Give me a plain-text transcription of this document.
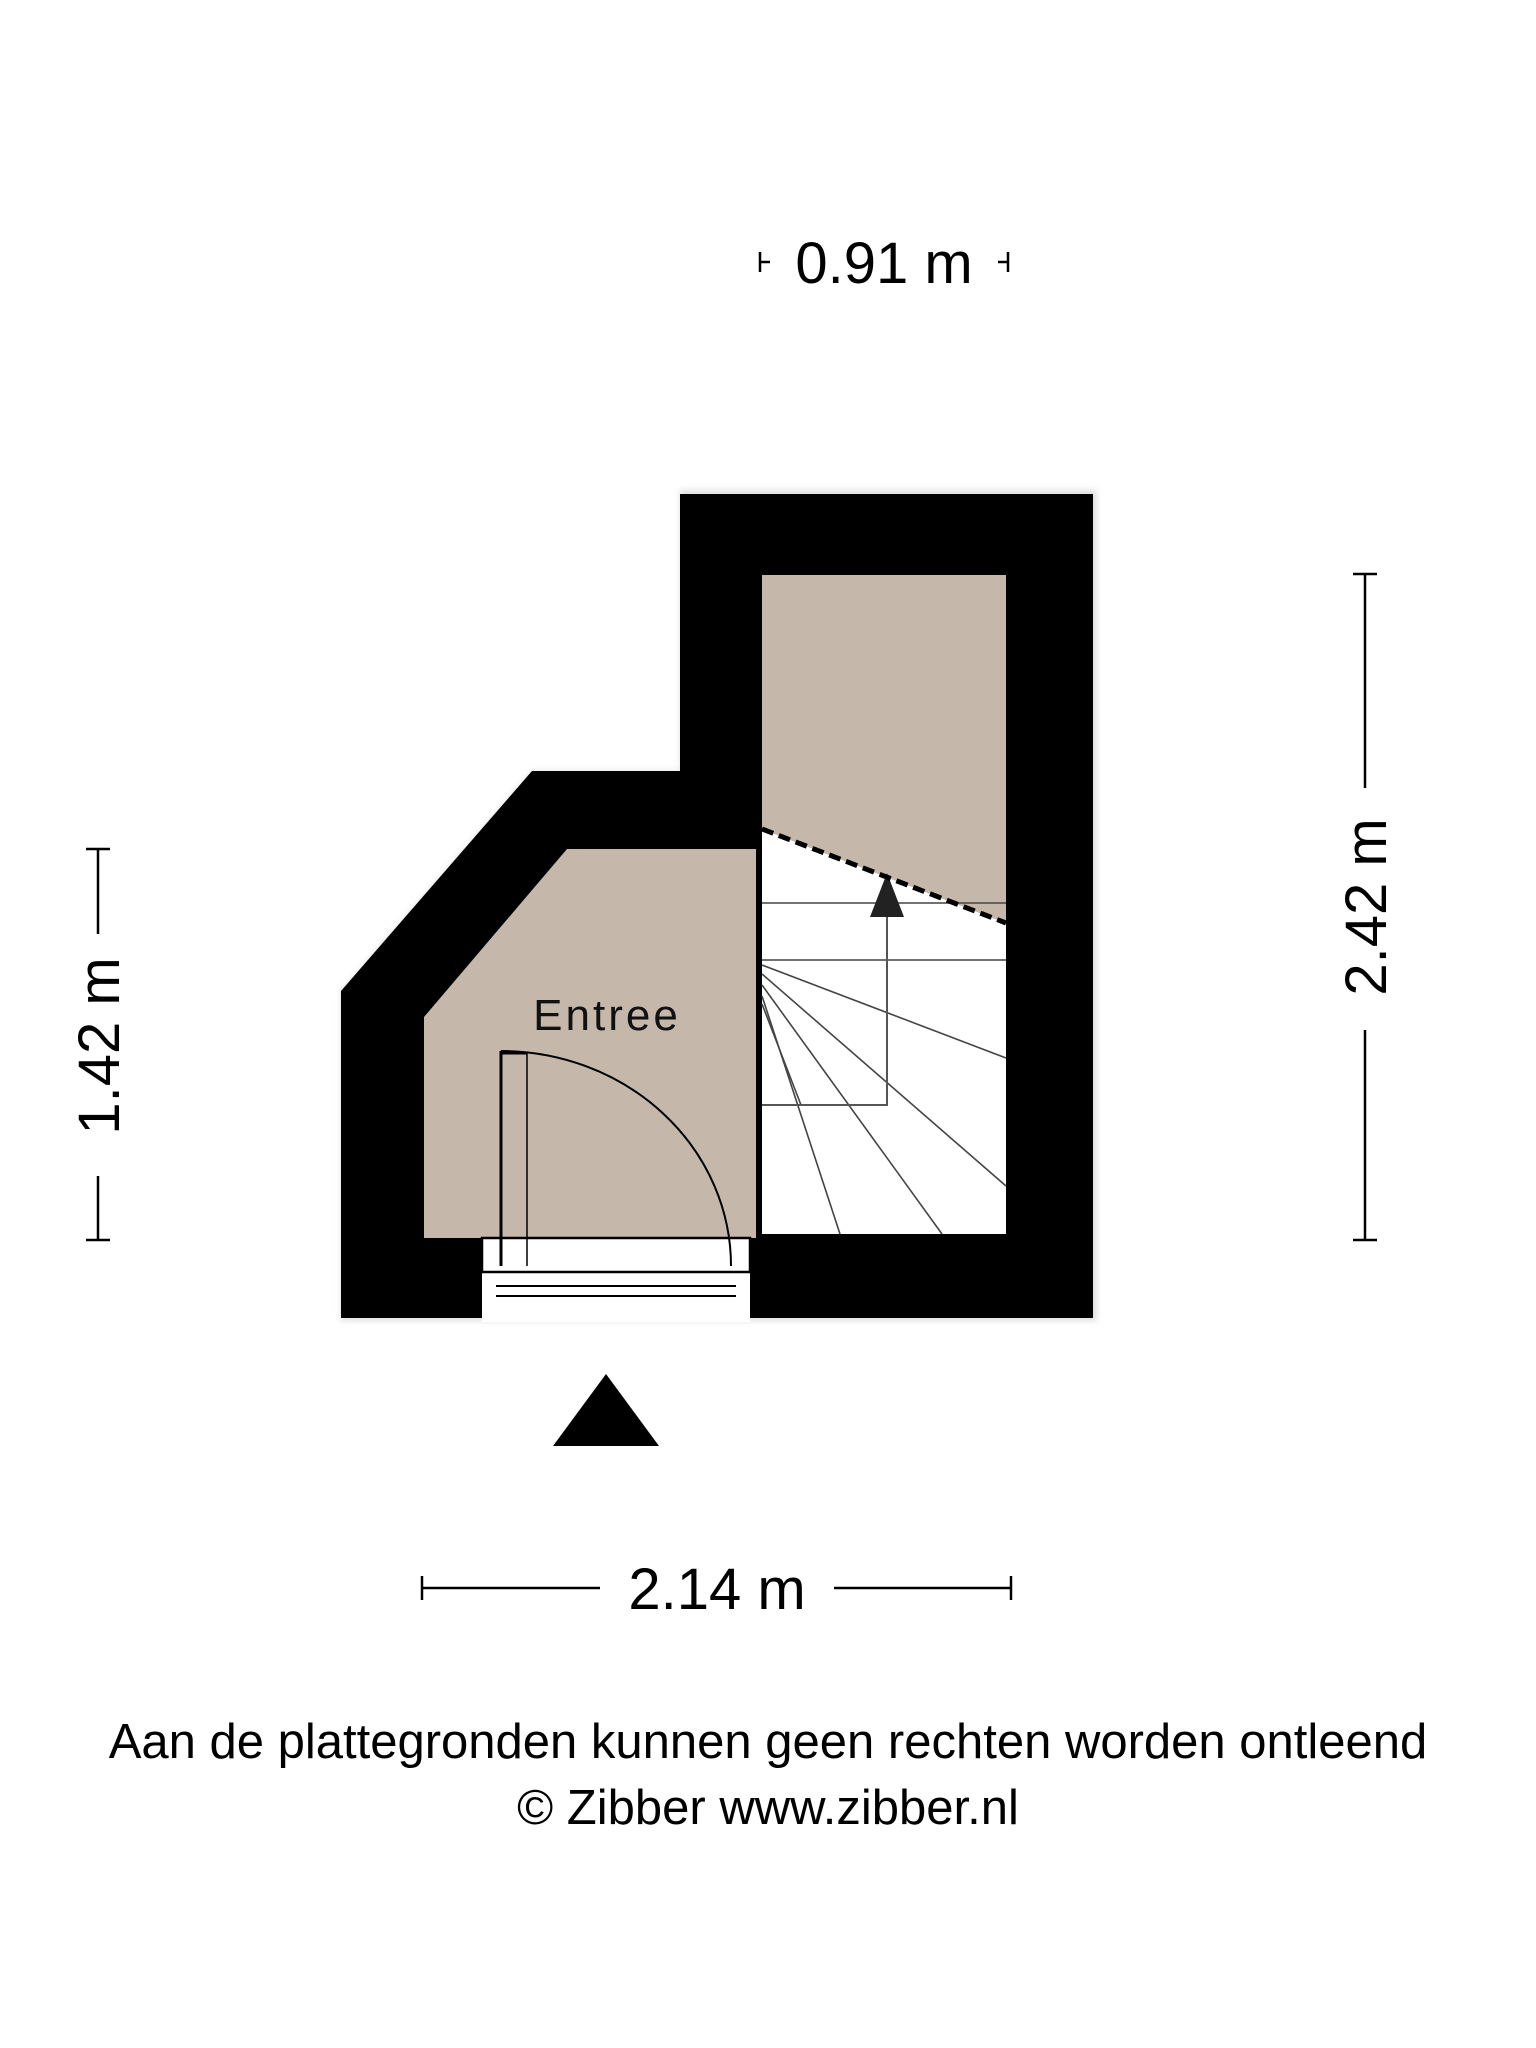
Entree
0.91 m
2.42 m
1.42 m
2.14 m
Aan de plattegronden kunnen geen rechten worden ontleend
© Zibber www.zibber.nl
